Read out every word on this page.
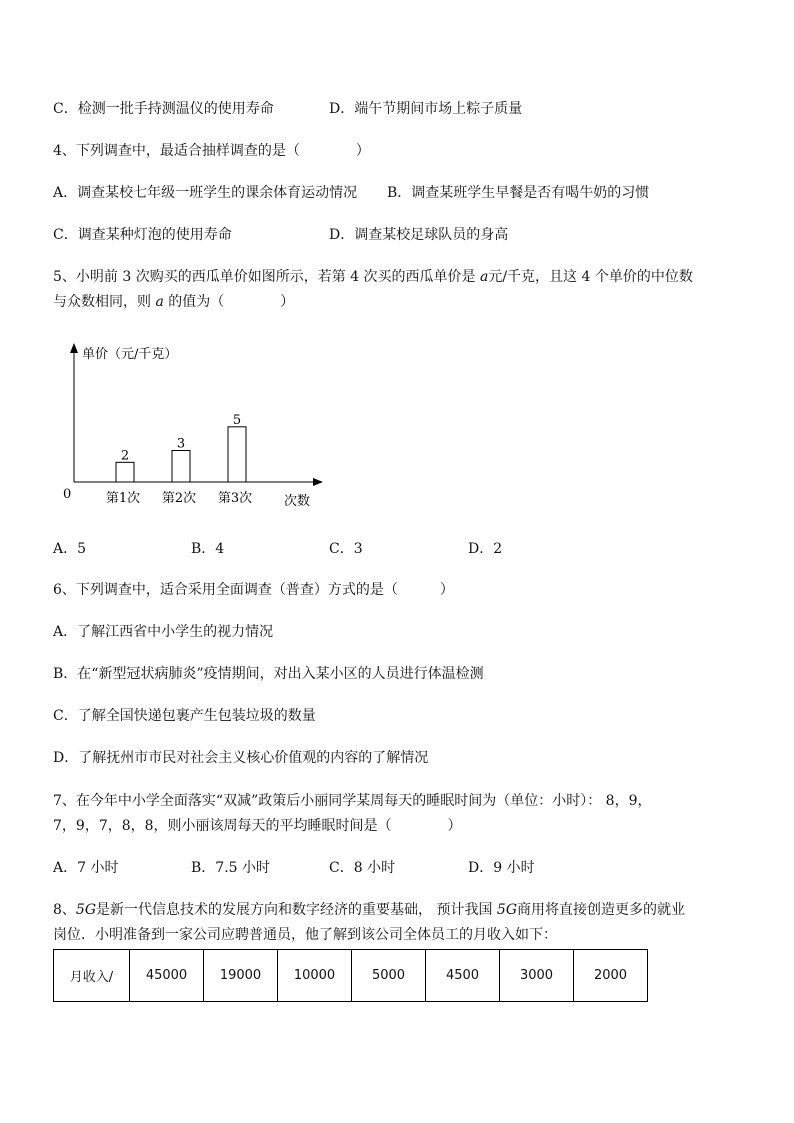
C．检测一批手持测温仪的使用寿命	D．端午节期间市场上粽子质量
4、下列调查中，最适合抽样调查的是（　　　　）
A．调查某校七年级一班学生的课余体育运动情况 B．调查某班学生早餐是否有喝牛奶的习惯
C．调查某种灯泡的使用寿命	D．调查某校足球队员的身高
5、小明前 3 次购买的西瓜单价如图所示，若第 4 次买的西瓜单价是 a元/千克，且这 4 个单价的中位数
与众数相同，则 a 的值为（　　　　）
单价（元/千克）
次数
0
2
第1次
3
第2次
5
第3次
A．5	B．4	C．3	D．2
6、下列调查中，适合采用全面调查（普查）方式的是（　　　）
A．了解江西省中小学生的视力情况
B．在“新型冠状病肺炎”疫情期间，对出入某小区的人员进行体温检测
C．了解全国快递包裹产生包装垃圾的数量
D．了解抚州市市民对社会主义核心价值观的内容的了解情况
7、在今年中小学全面落实“双减”政策后小丽同学某周每天的睡眠时间为（单位：小时）： 8，9，
7，9，7，8，8，则小丽该周每天的平均睡眠时间是（　　　　）
A．7 小时	B．7.5 小时	C．8 小时	D．9 小时
8、5G是新一代信息技术的发展方向和数字经济的重要基础， 预计我国 5G商用将直接创造更多的就业
岗位．小明准备到一家公司应聘普通员，他了解到该公司全体员工的月收入如下：
月收入/	45000	19000	10000	5000	4500	3000	2000
